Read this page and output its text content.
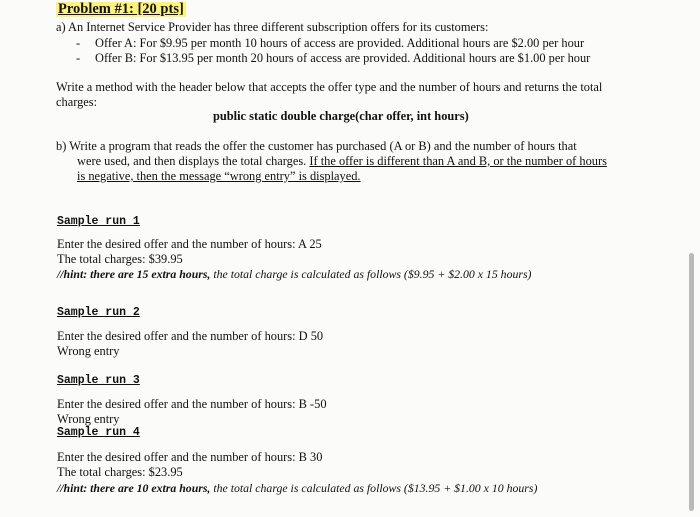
Problem #1: [20 pts]
a) An Internet Service Provider has three different subscription offers for its customers:
- Offer A: For $9.95 per month 10 hours of access are provided. Additional hours are $2.00 per hour
- Offer B: For $13.95 per month 20 hours of access are provided. Additional hours are $1.00 per hour
Write a method with the header below that accepts the offer type and the number of hours and returns the total
charges:
public static double charge(char offer, int hours)
b) Write a program that reads the offer the customer has purchased (A or B) and the number of hours that
were used, and then displays the total charges. If the offer is different than A and B, or the number of hours
is negative, then the message “wrong entry” is displayed.
Sample run 1
Enter the desired offer and the number of hours: A 25
The total charges: $39.95
//hint: there are 15 extra hours, the total charge is calculated as follows ($9.95 + $2.00 x 15 hours)
Sample run 2
Enter the desired offer and the number of hours: D 50
Wrong entry
Sample run 3
Enter the desired offer and the number of hours: B -50
Wrong entry
Sample run 4
Enter the desired offer and the number of hours: B 30
The total charges: $23.95
//hint: there are 10 extra hours, the total charge is calculated as follows ($13.95 + $1.00 x 10 hours)
